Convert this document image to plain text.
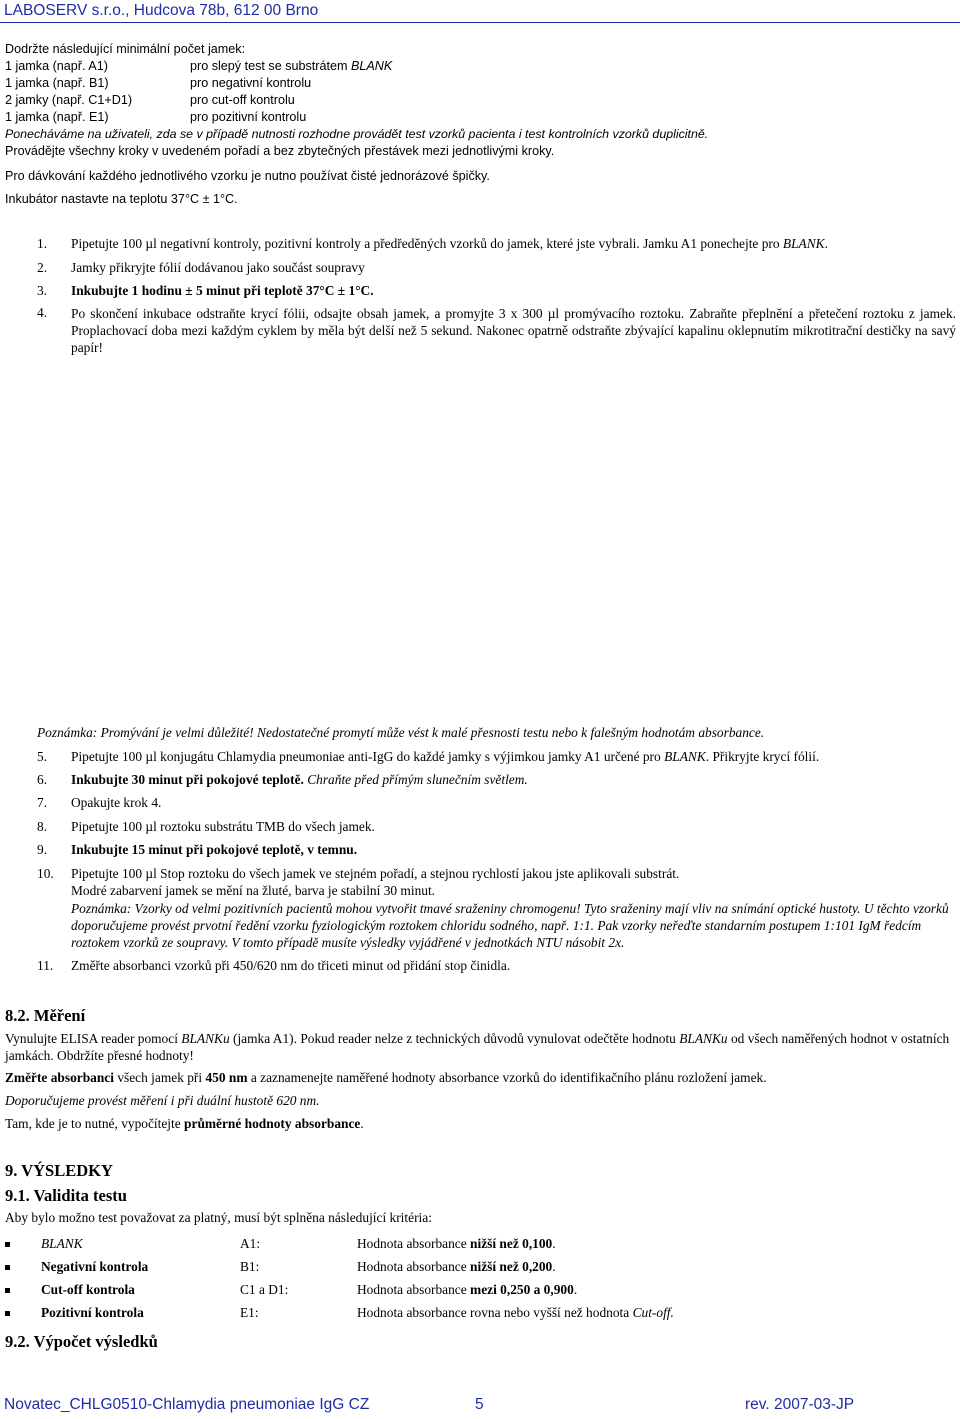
LABOSERV s.r.o., Hudcova 78b, 612 00 Brno
Dodržte následující minimální počet jamek:
1 jamka (např. A1)	pro slepý test se substrátem BLANK
1 jamka (např. B1)	pro negativní kontrolu
2 jamky (např. C1+D1)	pro cut-off kontrolu
1 jamka (např. E1)	pro pozitivní kontrolu
Ponecháváme na uživateli, zda se v případě nutnosti rozhodne provádět test vzorků pacienta i test kontrolních vzorků duplicitně.
Provádějte všechny kroky v uvedeném pořadí a bez zbytečných přestávek mezi jednotlivými kroky.
Pro dávkování každého jednotlivého vzorku je nutno používat čisté jednorázové špičky.
Inkubátor nastavte na teplotu 37°C ± 1°C.
1.	Pipetujte 100 µl negativní kontroly, pozitivní kontroly a předředěných vzorků do jamek, které jste vybrali. Jamku A1 ponechejte pro BLANK.
2.	Jamky přikryjte fólií dodávanou jako součást soupravy
3.	Inkubujte 1 hodinu ± 5 minut při teplotě 37°C ± 1°C.
4.	Po skončení inkubace odstraňte krycí fólii, odsajte obsah jamek, a promyjte 3 x 300 µl promývacího roztoku. Zabraňte přeplnění a přetečení roztoku z jamek. Proplachovací doba mezi každým cyklem by měla být delší než 5 sekund. Nakonec opatrně odstraňte zbývající kapalinu oklepnutím mikrotitrační destičky na savý papír!
Poznámka: Promývání je velmi důležité! Nedostatečné promytí může vést k malé přesnosti testu nebo k falešným hodnotám absorbance.
5.	Pipetujte 100 µl konjugátu Chlamydia pneumoniae anti-IgG do každé jamky s výjimkou jamky A1 určené pro BLANK. Přikryjte krycí fólií.
6.	Inkubujte 30 minut při pokojové teplotě. Chraňte před přímým slunečním světlem.
7.	Opakujte krok 4.
8.	Pipetujte 100 µl roztoku substrátu TMB do všech jamek.
9.	Inkubujte 15 minut při pokojové teplotě, v temnu.
10.	Pipetujte 100 µl Stop roztoku do všech jamek ve stejném pořadí, a stejnou rychlostí jakou jste aplikovali substrát.
Modré zabarvení jamek se mění na žluté, barva je stabilní 30 minut.
Poznámka: Vzorky od velmi pozitivních pacientů mohou vytvořit tmavé sraženiny chromogenu! Tyto sraženiny mají vliv na snímání optické hustoty. U těchto vzorků doporučujeme provést prvotní ředění vzorku fyziologickým roztokem chloridu sodného, např. 1:1. Pak vzorky neřeďte standarním postupem 1:101 IgM ředcím roztokem vzorků ze soupravy. V tomto případě musíte výsledky vyjádřené v jednotkách NTU násobit 2x.
11.	Změřte absorbanci vzorků při 450/620 nm do třiceti minut od přidání stop činidla.
8.2. Měření
Vynulujte ELISA reader pomocí BLANKu (jamka A1). Pokud reader nelze z technických důvodů vynulovat odečtěte hodnotu BLANKu od všech naměřených hodnot v ostatních jamkách. Obdržíte přesné hodnoty!
Změřte absorbanci všech jamek při 450 nm a zaznamenejte naměřené hodnoty absorbance vzorků do identifikačního plánu rozložení jamek.
Doporučujeme provést měření i při duální hustotě 620 nm.
Tam, kde je to nutné, vypočítejte průměrné hodnoty absorbance.
9. VÝSLEDKY
9.1. Validita testu
Aby bylo možno test považovat za platný, musí být splněna následující kritéria:
BLANK	A1:	Hodnota absorbance nižší než 0,100.
Negativní kontrola	B1:	Hodnota absorbance nižší než 0,200.
Cut-off kontrola	C1 a D1:	Hodnota absorbance mezi 0,250 a 0,900.
Pozitivní kontrola	E1:	Hodnota absorbance rovna nebo vyšší než hodnota Cut-off.
9.2. Výpočet výsledků
Novatec_CHLG0510-Chlamydia pneumoniae IgG CZ	5	rev. 2007-03-JP
